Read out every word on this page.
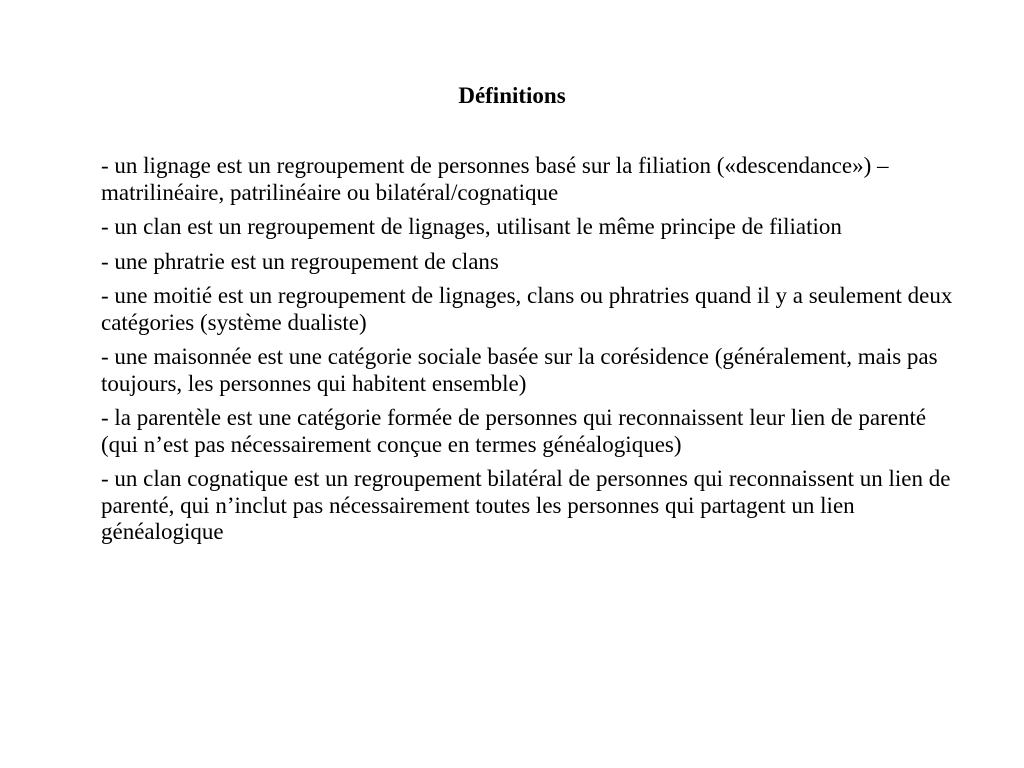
Définitions
- un lignage est un regroupement de personnes basé sur la filiation («descendance») – matrilinéaire, patrilinéaire ou bilatéral/cognatique
- un clan est un regroupement de lignages, utilisant le même principe de filiation
- une phratrie est un regroupement de clans
- une moitié est un regroupement de lignages, clans ou phratries quand il y a seulement deux catégories (système dualiste)
- une maisonnée est une catégorie sociale basée sur la corésidence (généralement, mais pas toujours, les personnes qui habitent ensemble)
- la parentèle est une catégorie formée de personnes qui reconnaissent leur lien de parenté (qui n’est pas nécessairement conçue en termes généalogiques)
- un clan cognatique est un regroupement bilatéral de personnes qui reconnaissent un lien de parenté, qui n’inclut pas nécessairement toutes les personnes qui partagent un lien généalogique
